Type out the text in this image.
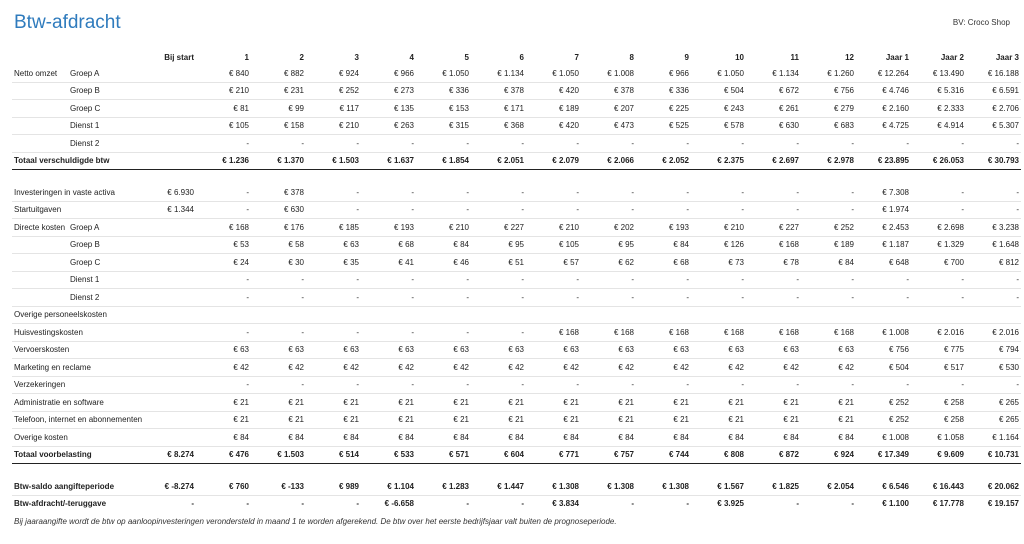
Btw-afdracht	BV: Croco Shop
		Bij start	1	2	3	4	5	6	7	8	9	10	11	12	Jaar 1	Jaar 2	Jaar 3
Netto omzet	Groep A		€ 840	€ 882	€ 924	€ 966	€ 1.050	€ 1.134	€ 1.050	€ 1.008	€ 966	€ 1.050	€ 1.134	€ 1.260	€ 12.264	€ 13.490	€ 16.188
	Groep B		€ 210	€ 231	€ 252	€ 273	€ 336	€ 378	€ 420	€ 378	€ 336	€ 504	€ 672	€ 756	€ 4.746	€ 5.316	€ 6.591
	Groep C		€ 81	€ 99	€ 117	€ 135	€ 153	€ 171	€ 189	€ 207	€ 225	€ 243	€ 261	€ 279	€ 2.160	€ 2.333	€ 2.706
	Dienst 1		€ 105	€ 158	€ 210	€ 263	€ 315	€ 368	€ 420	€ 473	€ 525	€ 578	€ 630	€ 683	€ 4.725	€ 4.914	€ 5.307
	Dienst 2		-	-	-	-	-	-	-	-	-	-	-	-	-	-	-
Totaal verschuldigde btw			€ 1.236	€ 1.370	€ 1.503	€ 1.637	€ 1.854	€ 2.051	€ 2.079	€ 2.066	€ 2.052	€ 2.375	€ 2.697	€ 2.978	€ 23.895	€ 26.053	€ 30.793

Investeringen in vaste activa		€ 6.930	-	€ 378	-	-	-	-	-	-	-	-	-	-	€ 7.308	-	-
Startuitgaven		€ 1.344	-	€ 630	-	-	-	-	-	-	-	-	-	-	€ 1.974	-	-
Directe kosten	Groep A		€ 168	€ 176	€ 185	€ 193	€ 210	€ 227	€ 210	€ 202	€ 193	€ 210	€ 227	€ 252	€ 2.453	€ 2.698	€ 3.238
	Groep B		€ 53	€ 58	€ 63	€ 68	€ 84	€ 95	€ 105	€ 95	€ 84	€ 126	€ 168	€ 189	€ 1.187	€ 1.329	€ 1.648
	Groep C		€ 24	€ 30	€ 35	€ 41	€ 46	€ 51	€ 57	€ 62	€ 68	€ 73	€ 78	€ 84	€ 648	€ 700	€ 812
	Dienst 1		-	-	-	-	-	-	-	-	-	-	-	-	-	-	-
	Dienst 2		-	-	-	-	-	-	-	-	-	-	-	-	-	-	-
Overige personeelskosten																	
Huisvestingskosten			-	-	-	-	-	-	€ 168	€ 168	€ 168	€ 168	€ 168	€ 168	€ 1.008	€ 2.016	€ 2.016
Vervoerskosten			€ 63	€ 63	€ 63	€ 63	€ 63	€ 63	€ 63	€ 63	€ 63	€ 63	€ 63	€ 63	€ 756	€ 775	€ 794
Marketing en reclame			€ 42	€ 42	€ 42	€ 42	€ 42	€ 42	€ 42	€ 42	€ 42	€ 42	€ 42	€ 42	€ 504	€ 517	€ 530
Verzekeringen			-	-	-	-	-	-	-	-	-	-	-	-	-	-	-
Administratie en software			€ 21	€ 21	€ 21	€ 21	€ 21	€ 21	€ 21	€ 21	€ 21	€ 21	€ 21	€ 21	€ 252	€ 258	€ 265
Telefoon, internet en abonnementen			€ 21	€ 21	€ 21	€ 21	€ 21	€ 21	€ 21	€ 21	€ 21	€ 21	€ 21	€ 21	€ 252	€ 258	€ 265
Overige kosten			€ 84	€ 84	€ 84	€ 84	€ 84	€ 84	€ 84	€ 84	€ 84	€ 84	€ 84	€ 84	€ 1.008	€ 1.058	€ 1.164
Totaal voorbelasting		€ 8.274	€ 476	€ 1.503	€ 514	€ 533	€ 571	€ 604	€ 771	€ 757	€ 744	€ 808	€ 872	€ 924	€ 17.349	€ 9.609	€ 10.731

Btw-saldo aangifteperiode		€ -8.274	€ 760	€ -133	€ 989	€ 1.104	€ 1.283	€ 1.447	€ 1.308	€ 1.308	€ 1.308	€ 1.567	€ 1.825	€ 2.054	€ 6.546	€ 16.443	€ 20.062
Btw-afdracht/-teruggave		-	-	-	-	€ -6.658	-	-	€ 3.834	-	-	€ 3.925	-	-	€ 1.100	€ 17.778	€ 19.157
Bij jaaraangifte wordt de btw op aanloopinvesteringen verondersteld in maand 1 te worden afgerekend. De btw over het eerste bedrijfsjaar valt buiten de prognoseperiode.
